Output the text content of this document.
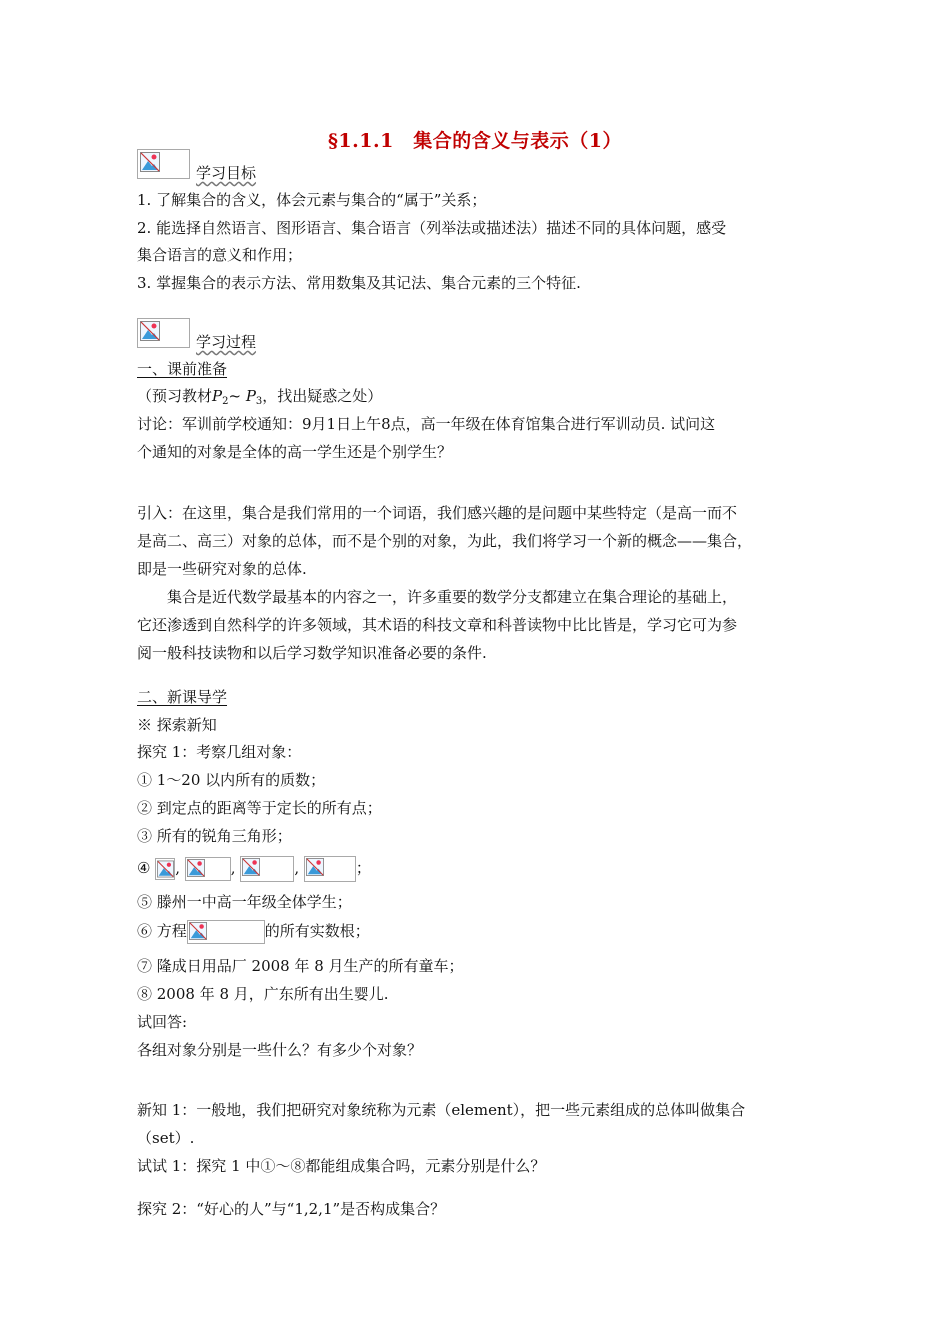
§1.1.1　集合的含义与表示（1）
学习目标
1. 了解集合的含义，体会元素与集合的“属于”关系；
2. 能选择自然语言、图形语言、集合语言（列举法或描述法）描述不同的具体问题，感受
集合语言的意义和作用；
3. 掌握集合的表示方法、常用数集及其记法、集合元素的三个特征.
学习过程
一、课前准备
（预习教材$P_2\sim$ $P_3$，找出疑惑之处）
讨论：军训前学校通知：9月1日上午8点，高一年级在体育馆集合进行军训动员. 试问这
个通知的对象是全体的高一学生还是个别学生？
引入：在这里，集合是我们常用的一个词语，我们感兴趣的是问题中某些特定（是高一而不
是高二、高三）对象的总体，而不是个别的对象，为此，我们将学习一个新的概念——集合，
即是一些研究对象的总体.
　　集合是近代数学最基本的内容之一，许多重要的数学分支都建立在集合理论的基础上，
它还渗透到自然科学的许多领域，其术语的科技文章和科普读物中比比皆是，学习它可为参
阅一般科技读物和以后学习数学知识准备必要的条件.
二、新课导学
※ 探索新知
探究 1：考察几组对象：
① 1～20 以内所有的质数；
② 到定点的距离等于定长的所有点；
③ 所有的锐角三角形；
④ ,	,	,	；
⑤ 滕州一中高一年级全体学生；
⑥ 方程	的所有实数根；
⑦ 隆成日用品厂 2008 年 8 月生产的所有童车；
⑧ 2008 年 8 月，广东所有出生婴儿.
试回答:
各组对象分别是一些什么？有多少个对象？
新知 1：一般地，我们把研究对象统称为元素（element），把一些元素组成的总体叫做集合
（set）.
试试 1：探究 1 中①～⑧都能组成集合吗，元素分别是什么？
探究 2：“好心的人”与“1,2,1”是否构成集合？
